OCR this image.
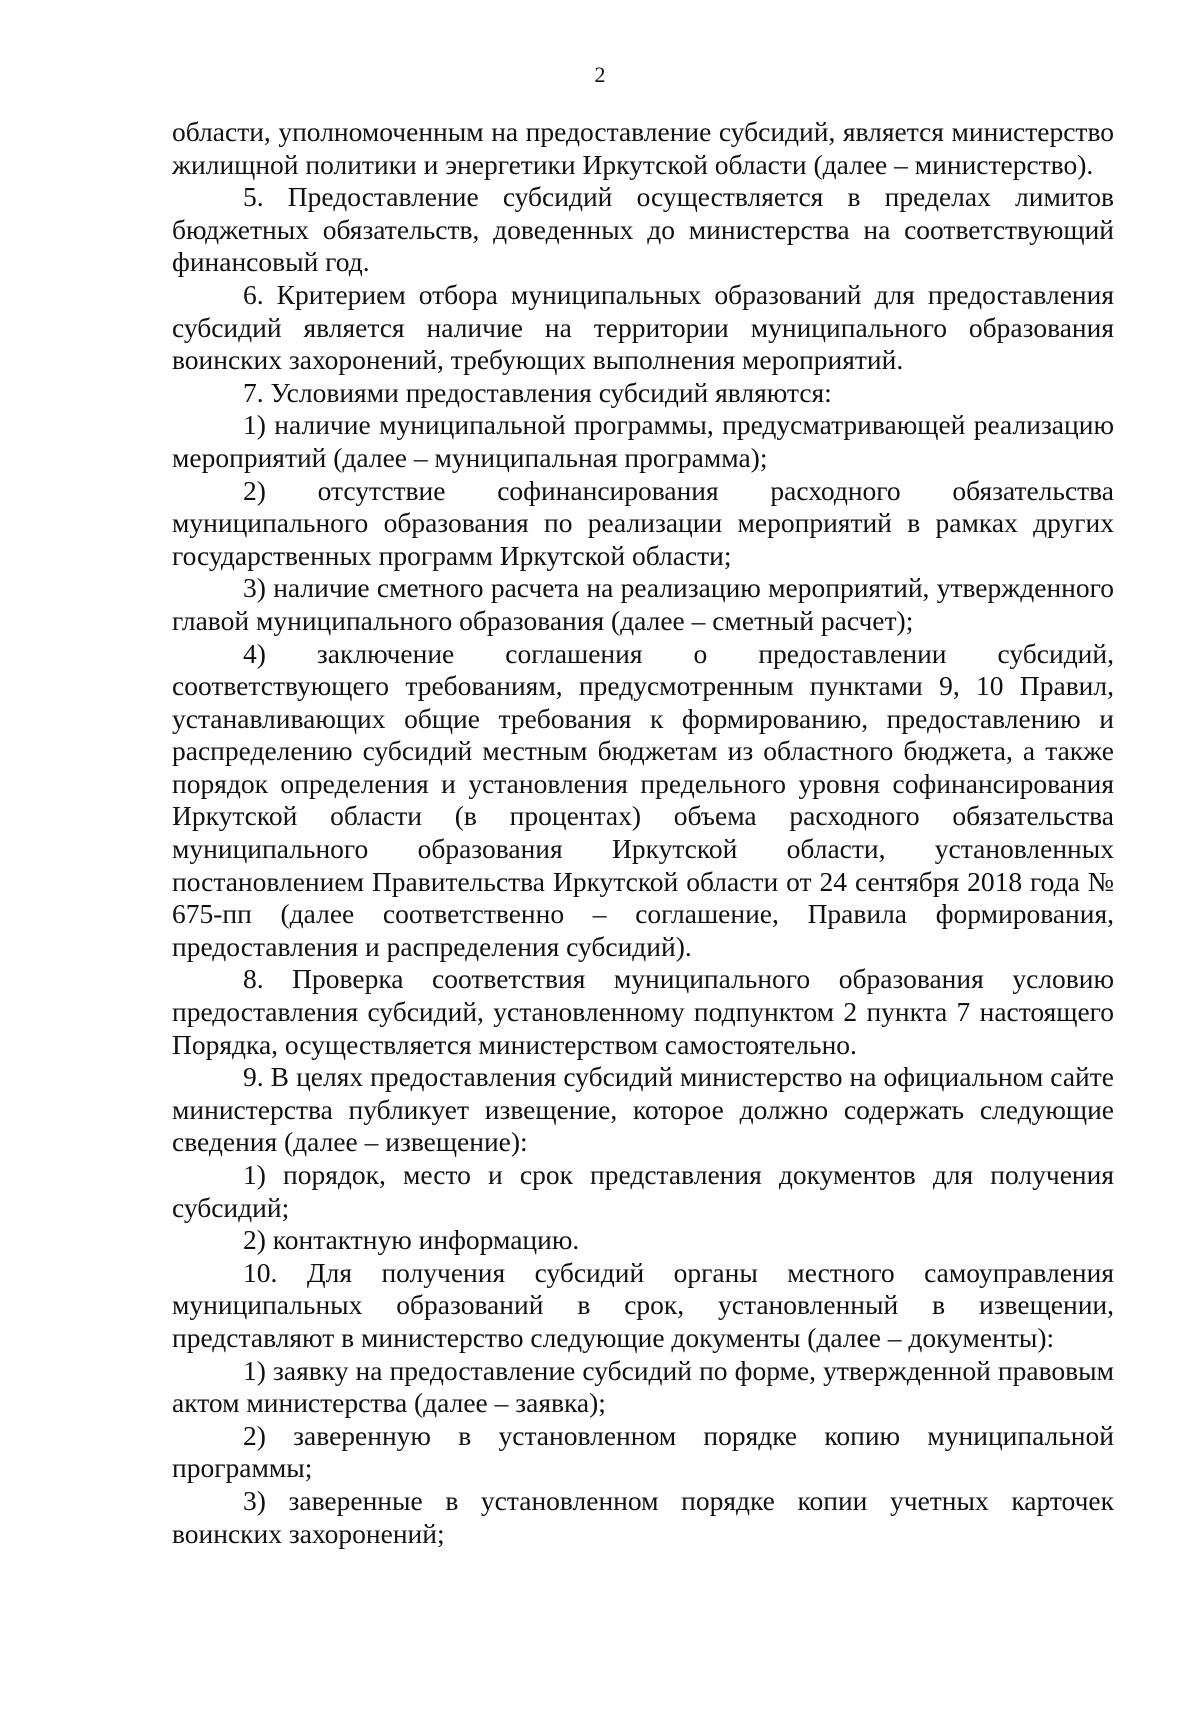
2

области, уполномоченным на предоставление субсидий, является министерство жилищной политики и энергетики Иркутской области (далее – министерство).

5. Предоставление субсидий осуществляется в пределах лимитов бюджетных обязательств, доведенных до министерства на соответствующий финансовый год.

6. Критерием отбора муниципальных образований для предоставления субсидий является наличие на территории муниципального образования воинских захоронений, требующих выполнения мероприятий.

7. Условиями предоставления субсидий являются:

1) наличие муниципальной программы, предусматривающей реализацию мероприятий (далее – муниципальная программа);

2) отсутствие софинансирования расходного обязательства муниципального образования по реализации мероприятий в рамках других государственных программ Иркутской области;

3) наличие сметного расчета на реализацию мероприятий, утвержденного главой муниципального образования (далее – сметный расчет);

4) заключение соглашения о предоставлении субсидий, соответствующего требованиям, предусмотренным пунктами 9, 10 Правил, устанавливающих общие требования к формированию, предоставлению и распределению субсидий местным бюджетам из областного бюджета, а также порядок определения и установления предельного уровня софинансирования Иркутской области (в процентах) объема расходного обязательства муниципального образования Иркутской области, установленных постановлением Правительства Иркутской области от 24 сентября 2018 года № 675-пп (далее соответственно – соглашение, Правила формирования, предоставления и распределения субсидий).

8. Проверка соответствия муниципального образования условию предоставления субсидий, установленному подпунктом 2 пункта 7 настоящего Порядка, осуществляется министерством самостоятельно.

9. В целях предоставления субсидий министерство на официальном сайте министерства публикует извещение, которое должно содержать следующие сведения (далее – извещение):

1) порядок, место и срок представления документов для получения субсидий;

2) контактную информацию.

10. Для получения субсидий органы местного самоуправления муниципальных образований в срок, установленный в извещении, представляют в министерство следующие документы (далее – документы):

1) заявку на предоставление субсидий по форме, утвержденной правовым актом министерства (далее – заявка);

2) заверенную в установленном порядке копию муниципальной программы;

3) заверенные в установленном порядке копии учетных карточек воинских захоронений;
